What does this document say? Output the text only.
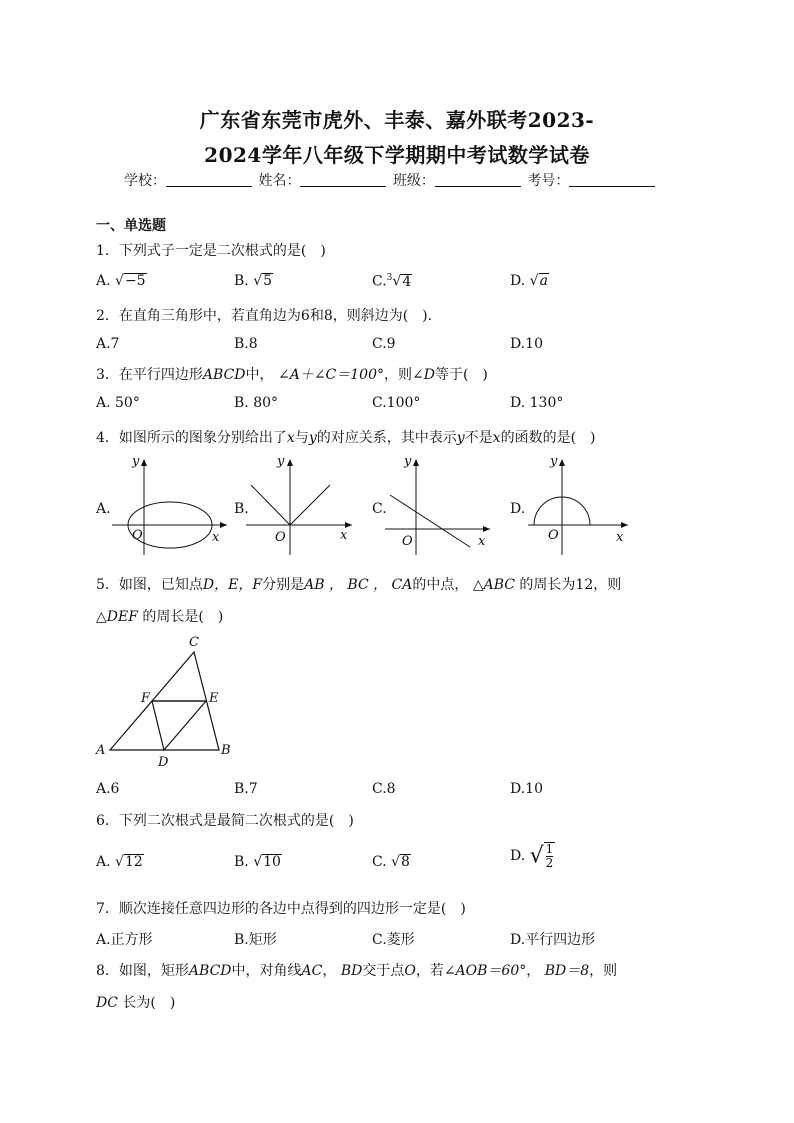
广东省东莞市虎外、丰泰、嘉外联考2023-
2024学年八年级下学期期中考试数学试卷
学校：	姓名：	班级：	考号：
一、单选题
1．下列式子一定是二次根式的是(　)
A. √−5	B. √5	C.$^3$√4	D. √a
2．在直角三角形中，若直角边为6和8，则斜边为(　).
A.7	B.8	C.9	D.10
3．在平行四边形ABCD中， ∠A＋∠C＝100°，则∠D等于(　)
A. 50°	B. 80°	C.100°	D. 130°
4．如图所示的图象分别给出了x与y的对应关系，其中表示y不是x的函数的是(　)
A.
y
x
O
B.
y
x
O
C.
y
x
O
D.
y
x
O
5．如图，已知点D，E，F分别是AB ， BC ， CA的中点， △ABC 的周长为12，则
△DEF 的周长是(　)
C
F	E
A
D
B
A.6	B.7	C.8	D.10
6．下列二次根式是最简二次根式的是(　)
A. √12	B. √10	C. √8	D. √ $\frac{1}{2}$
7．顺次连接任意四边形的各边中点得到的四边形一定是(　)
A.正方形	B.矩形	C.菱形	D.平行四边形
8．如图，矩形ABCD中，对角线AC， BD交于点O，若∠AOB＝60°， BD＝8，则
DC 长为(　)
